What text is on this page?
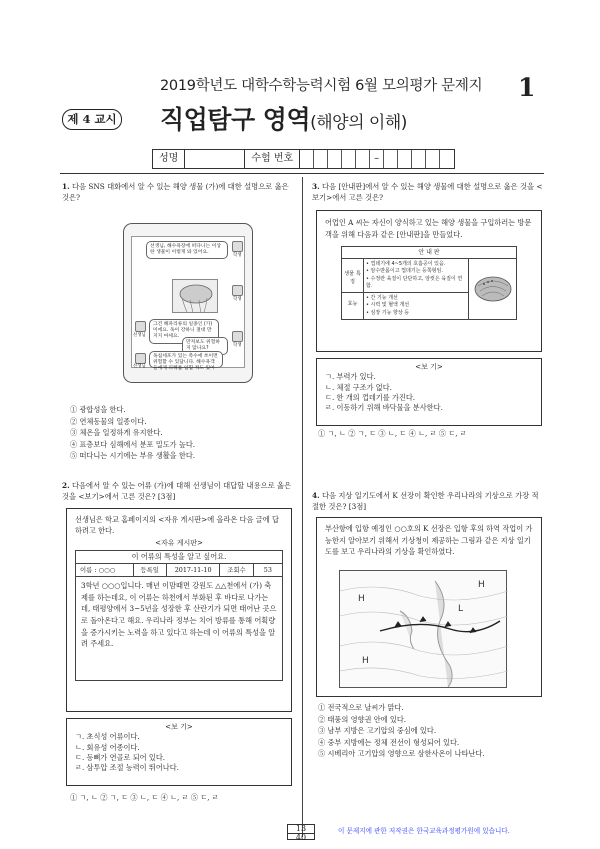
2019학년도 대학수학능력시험 6월 모의평가 문제지	1
제 4 교시 직업탐구 영역(해양의 이해)
성명	수험 번호	–
1. 다음 SNS 대화에서 알 수 있는 해양 생물 (가)에 대한 설명으로 옳은 것은?
학생
선생님, 해수욕장에 떠다니는 이상한 생물이 이렇게 와 있어요.
학생
선생님
그건 해파리류의 일종인 (가) 이에요. 독이 강하니 절대 만지지 마세요.
학생
만져보도 위험하지 않나요?
선생님
독침세포가 있는 촉수에 쏘이면 위험할 수 있답니다. 해수욕객들에게 피해를 입힐 적도 있어
① 광합성을 한다.
② 연체동물의 일종이다.
③ 체온을 일정하게 유지한다.
④ 표층보다 심해에서 분포 밀도가 높다.
⑤ 떠다니는 시기에는 부유 생활을 한다.
2. 다음에서 알 수 있는 어류 (가)에 대해 선생님이 대답할 내용으로 옳은 것을 <보기>에서 고른 것은? [3점]
선생님은 학교 홈페이지의 <자유 게시판>에 올라온 다음 글에 답하려고 한다.
<자유 게시판>
이 어류의 특성을 알고 싶어요.
이름 : ○○○	등록일	2017-11-10	조회수	53
3학년 ○○○입니다. 매년 이맘때면 강원도 △△천에서 (가) 축제를 하는데요, 이 어류는 하천에서 부화된 후 바다로 나가는데, 태평양에서 3~5년을 성장한 후 산란기가 되면 태어난 곳으로 돌아온다고 해요. 우리나라 정부는 치어 방류를 통해 어획량을 증가시키는 노력을 하고 있다고 하는데 이 어류의 특성을 알려 주세요.
<보 기>
ㄱ. 초식성 어류이다.
ㄴ. 회유성 어종이다.
ㄷ. 등뼈가 연골로 되어 있다.
ㄹ. 삼투압 조절 능력이 뛰어나다.
① ㄱ, ㄴ ② ㄱ, ㄷ ③ ㄴ, ㄷ ④ ㄴ, ㄹ ⑤ ㄷ, ㄹ
3. 다음 [안내판]에서 알 수 있는 해양 생물에 대한 설명으로 옳은 것을 <보기>에서 고른 것은?
어업인 A 씨는 자신이 양식하고 있는 해양 생물을 구입하러는 방문객을 위해 다음과 같은 [안내판]을 만들었다.
안 내 판
생물 특징
• 껍데기에 4~5개의 호흡공이 있음.
• 암수딴몸이고 껍데기는 등쪽형임.
• 수정란 육질이 단단하고, 암컷은 육질이 연함.
효능
• 간 기능 개선
• 시력 및 혈액 개선
• 심장 기능 향상 등
<보 기>
ㄱ. 부력가 있다.
ㄴ. 체절 구조가 없다.
ㄷ. 한 개의 껍데기를 가진다.
ㄹ. 이동하기 위해 바닥물을 분사한다.
① ㄱ, ㄴ ② ㄱ, ㄷ ③ ㄴ, ㄷ ④ ㄴ, ㄹ ⑤ ㄷ, ㄹ
4. 다음 지상 일기도에서 K 선장이 확인한 우리나라의 기상으로 가장 적절한 것은? [3점]
부산항에 입항 예정인 ○○호의 K 선장은 입항 후의 하역 작업이 가능한지 알아보기 위해서 기상청이 제공하는 그림과 같은 지상 일기도를 보고 우리나라의 기상을 확인하였다.
H
H
L
H
① 전국적으로 날씨가 맑다.
② 태풍의 영향권 안에 있다.
③ 남부 지방은 고기압의 중심에 있다.
④ 중부 지방에는 정체 전선이 형성되어 있다.
⑤ 시베리아 고기압의 영향으로 삼한사온이 나타난다.
13
40
이 문제지에 관한 저작권은 한국교육과정평가원에 있습니다.
